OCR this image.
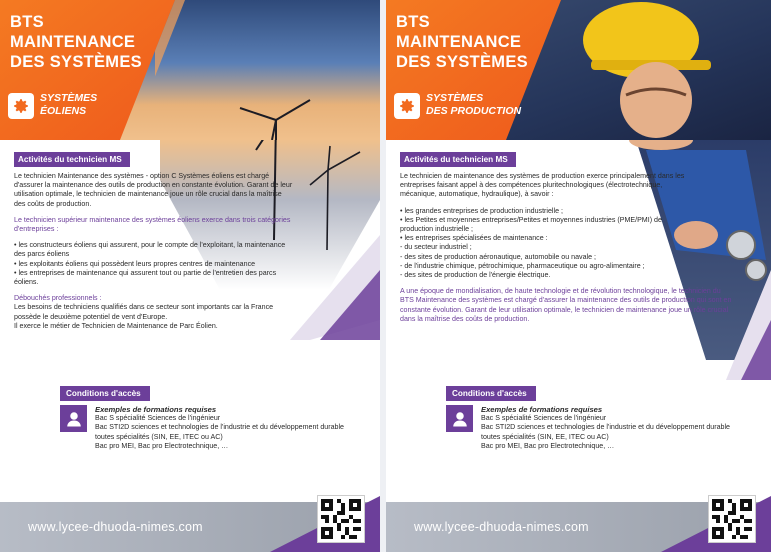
BTS
MAINTENANCE
DES SYSTÈMES
SYSTÈMES
ÉOLIENS
Activités du technicien MS

Le technicien Maintenance des systèmes - option C Systèmes éoliens est chargé d'assurer la maintenance des outils de production en constante évolution. Garant de leur utilisation optimale, le technicien de maintenance joue un rôle crucial dans la maîtrise des coûts de production.

Le technicien supérieur maintenance des systèmes éoliens exerce dans trois catégories d'entreprises :

• les constructeurs éoliens qui assurent, pour le compte de l'exploitant, la maintenance des parcs éoliens

• les exploitants éoliens qui possèdent leurs propres centres de maintenance

• les entreprises de maintenance qui assurent tout ou partie de l'entretien des parcs éoliens.

Débouchés professionnels :

Les besoins de techniciens qualifiés dans ce secteur sont importants car la France possède le deuxième potentiel de vent d'Europe.

Il exerce le métier de Technicien de Maintenance de Parc Éolien.

Conditions d'accès
Exemples de formations requises
Bac S spécialité Sciences de l'ingénieur
Bac STI2D sciences et technologies de l'industrie et du développement durable toutes spécialités (SIN, EE, ITEC ou AC)
Bac pro MEI, Bac pro Electrotechnique, …
www.lycee-dhuoda-nimes.com
BTS
MAINTENANCE
DES SYSTÈMES
SYSTÈMES
DES PRODUCTION
Activités du technicien MS

Le technicien de maintenance des systèmes de production exerce principalement dans les entreprises faisant appel à des compétences pluritechnologiques (électrotechnique, mécanique, automatique, hydraulique), à savoir :

• les grandes entreprises de production industrielle ;

• les Petites et moyennes entreprises/Petites et moyennes industries (PME/PMI) de production industrielle ;

• les entreprises spécialisées de maintenance :

- du secteur industriel ;

- des sites de production aéronautique, automobile ou navale ;

- de l'industrie chimique, pétrochimique, pharmaceutique ou agro-alimentaire ;

- des sites de production de l'énergie électrique.

A une époque de mondialisation, de haute technologie et de révolution technologique, le technicien du BTS Maintenance des systèmes est chargé d'assurer la maintenance des outils de production qui sont en constante évolution. Garant de leur utilisation optimale, le technicien de maintenance joue un rôle crucial dans la maîtrise des coûts de production.

Conditions d'accès
Exemples de formations requises
Bac S spécialité Sciences de l'ingénieur
Bac STI2D sciences et technologies de l'industrie et du développement durable toutes spécialités (SIN, EE, ITEC ou AC)
Bac pro MEI, Bac pro Electrotechnique, …
www.lycee-dhuoda-nimes.com
